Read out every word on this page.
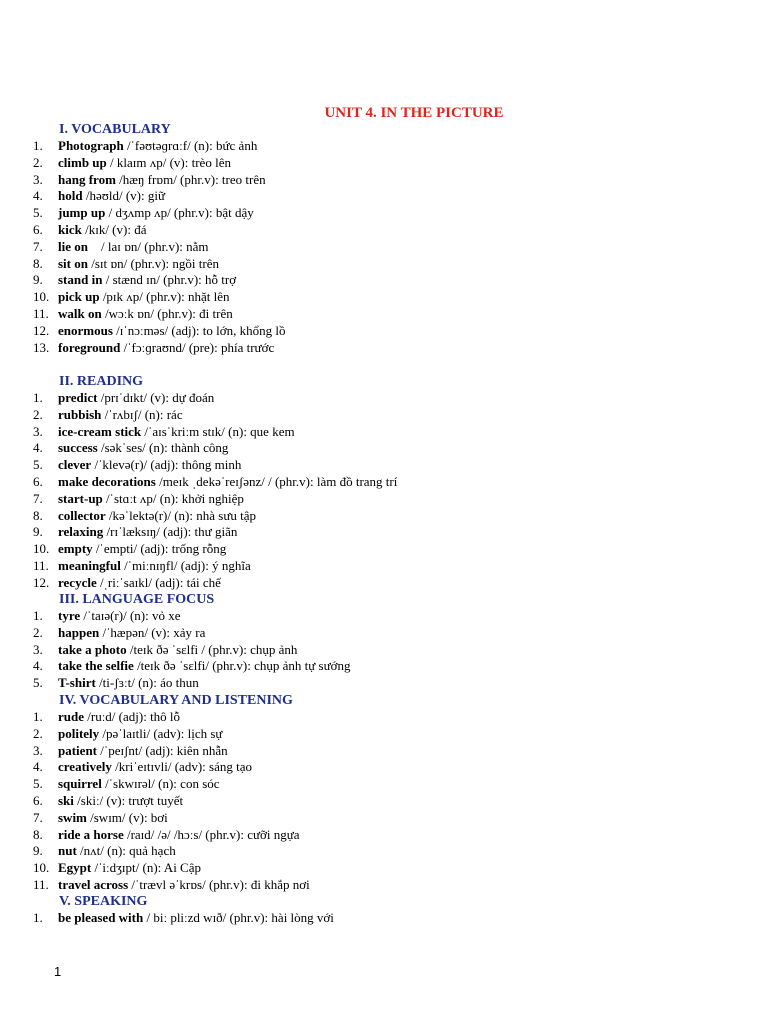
UNIT 4. IN THE PICTURE
I. VOCABULARY
1.	Photograph /ˈfəʊtəɡrɑːf/ (n): bức ảnh
2.	climb up / klaɪm ʌp/ (v): trèo lên
3.	hang from /hæŋ frɒm/ (phr.v): treo trên
4.	hold /həʊld/ (v): giữ
5.	jump up / dʒʌmp ʌp/ (phr.v): bật dậy
6.	kick /kɪk/ (v): đá
7.	lie on    / laɪ ɒn/ (phr.v): nằm
8.	sit on /sɪt ɒn/ (phr.v): ngồi trên
9.	stand in / stænd ɪn/ (phr.v): hỗ trợ
10. pick up /pɪk ʌp/ (phr.v): nhặt lên
11. walk on /wɔːk ɒn/ (phr.v): đi trên
12. enormous /ɪˈnɔːməs/ (adj): to lớn, khổng lồ
13. foreground /ˈfɔːɡraʊnd/ (pre): phía trước
II. READING
1.	predict /prɪˈdɪkt/ (v): dự đoán
2.	rubbish /ˈrʌbɪʃ/ (n): rác
3.	ice-cream stick /ˈaɪsˈkriːm stɪk/ (n): que kem
4.	success /səkˈses/ (n): thành công
5.	clever /ˈklevə(r)/ (adj): thông minh
6.	make decorations /meɪk ˌdekəˈreɪʃənz/ / (phr.v): làm đồ trang trí
7.	start-up /ˈstɑːt ʌp/ (n): khởi nghiệp
8.	collector /kəˈlektə(r)/ (n): nhà sưu tập
9.	relaxing /rɪˈlæksɪŋ/ (adj): thư giãn
10. empty /ˈempti/ (adj): trống rỗng
11. meaningful /ˈmiːnɪŋfl/ (adj): ý nghĩa
12. recycle /ˌriːˈsaɪkl/ (adj): tái chế
III. LANGUAGE FOCUS
1.	tyre /ˈtaɪə(r)/ (n): vỏ xe
2.	happen /ˈhæpən/ (v): xảy ra
3.	take a photo /teɪk ðə ˈsɛlfi / (phr.v): chụp ảnh
4.	take the selfie /teɪk ðə ˈsɛlfi/ (phr.v): chụp ảnh tự sướng
5.	T-shirt /ti-ʃɜːt/ (n): áo thun
IV. VOCABULARY AND LISTENING
1.	rude /ruːd/ (adj): thô lỗ
2.	politely /pəˈlaɪtli/ (adv): lịch sự
3.	patient /ˈpeɪʃnt/ (adj): kiên nhẫn
4.	creatively /kriˈeɪtɪvli/ (adv): sáng tạo
5.	squirrel /ˈskwɪrəl/ (n): con sóc
6.	ski /skiː/ (v): trượt tuyết
7.	swim /swɪm/ (v): bơi
8.	ride a horse /raɪd/ /ə/ /hɔːs/ (phr.v): cưỡi ngựa
9.	nut /nʌt/ (n): quả hạch
10. Egypt /ˈiːdʒɪpt/ (n): Ai Cập
11. travel across /ˈtrævl əˈkrɒs/ (phr.v): đi khắp nơi
V. SPEAKING
1.	be pleased with / biː pliːzd wɪð/ (phr.v): hài lòng với
1
